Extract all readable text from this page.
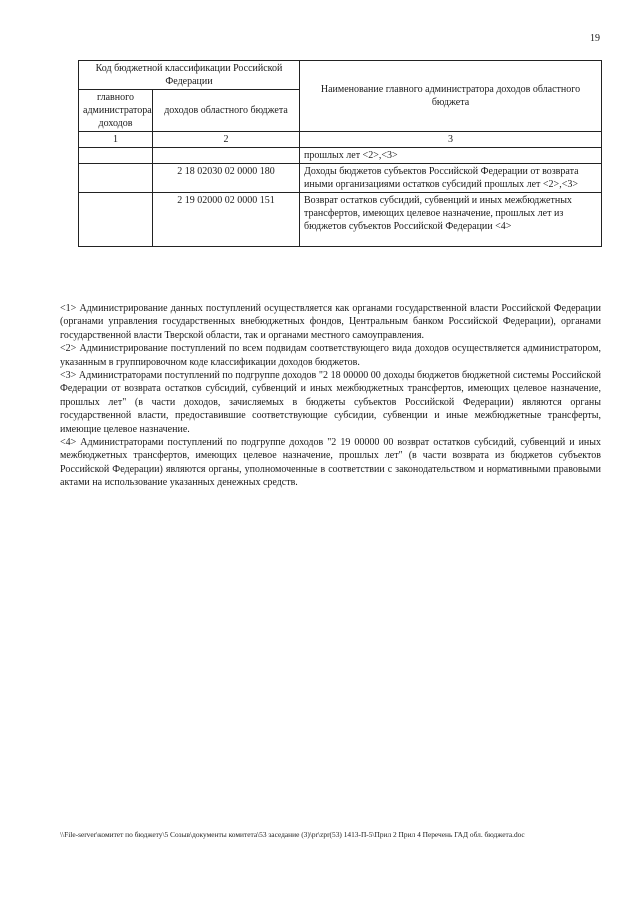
19
Код бюджетной классификации Российской Федерации		Наименование главного администратора доходов областного бюджета
главного администратора доходов	доходов областного бюджета	
1	2	3
		прошлых лет <2>,<3>
	2 18 02030 02 0000 180	Доходы бюджетов субъектов Российской Федерации от возврата иными организациями остатков субсидий прошлых лет <2>,<3>
	2 19 02000 02 0000 151	Возврат остатков субсидий, субвенций и иных межбюджетных трансфертов, имеющих целевое назначение, прошлых лет из бюджетов субъектов Российской Федерации <4>

<1> Администрирование данных поступлений осуществляется как органами государственной власти Российской Федерации (органами управления государственных внебюджетных фондов, Центральным банком Российской Федерации), органами государственной власти Тверской области, так и органами местного самоуправления.

<2> Администрирование поступлений по всем подвидам соответствующего вида доходов осуществляется администратором, указанным в группировочном коде классификации доходов бюджетов.

<3> Администраторами поступлений по подгруппе доходов "2 18 00000 00 доходы бюджетов бюджетной системы Российской Федерации от возврата остатков субсидий, субвенций и иных межбюджетных трансфертов, имеющих целевое назначение, прошлых лет" (в части доходов, зачисляемых в бюджеты субъектов Российской Федерации) являются органы государственной власти, предоставившие соответствующие субсидии, субвенции и иные межбюджетные трансферты, имеющие целевое назначение.

<4> Администраторами поступлений по подгруппе доходов "2 19 00000 00 возврат остатков субсидий, субвенций и иных межбюджетных трансфертов, имеющих целевое назначение, прошлых лет" (в части возврата из бюджетов субъектов Российской Федерации) являются органы, уполномоченные в соответствии с законодательством и нормативными правовыми актами на использование указанных денежных средств.

\\File-server\комитет по бюджету\5 Созыв\документы комитета\53 заседание (3)\pr\zpr(53) 1413-П-5\Прил 2 Прил 4 Перечень ГАД обл. бюджета.doc
